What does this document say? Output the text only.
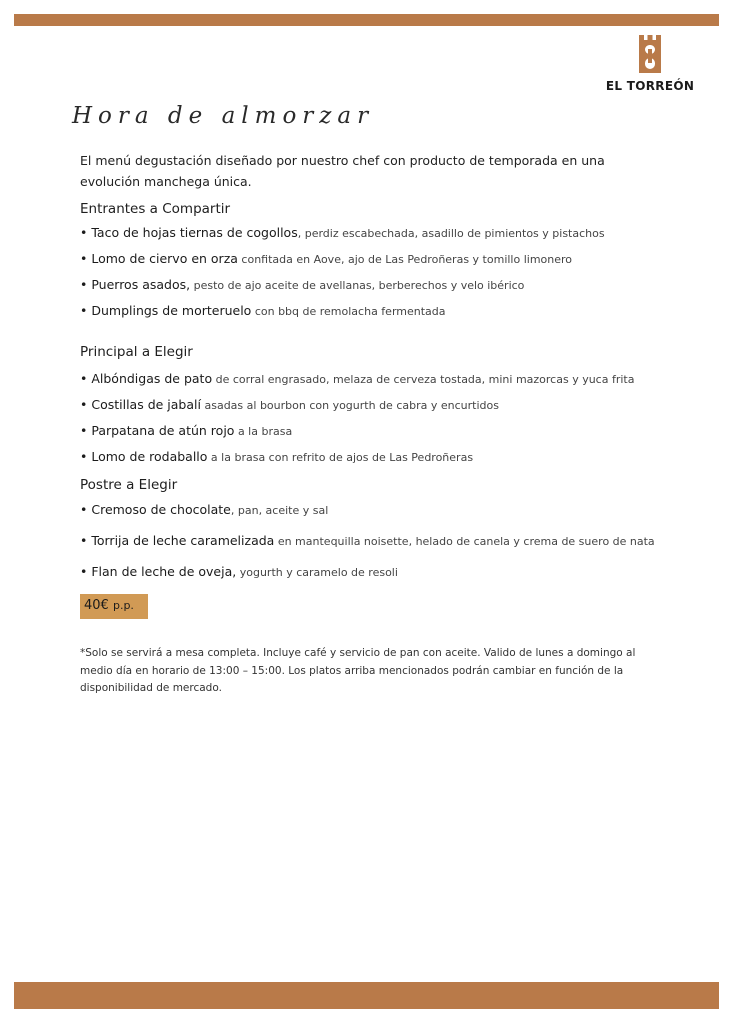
EL TORREÓN
Hora de almorzar

El menú degustación diseñado por nuestro chef con producto de temporada en una evolución manchega única.

Entrantes a Compartir

• Taco de hojas tiernas de cogollos, perdiz escabechada, asadillo de pimientos y pistachos

• Lomo de ciervo en orza confitada en Aove, ajo de Las Pedroñeras y tomillo limonero

• Puerros asados, pesto de ajo aceite de avellanas, berberechos y velo ibérico

• Dumplings de morteruelo con bbq de remolacha fermentada

Principal a Elegir

• Albóndigas de pato de corral engrasado, melaza de cerveza tostada, mini mazorcas y yuca frita

• Costillas de jabalí asadas al bourbon con yogurth de cabra y encurtidos

• Parpatana de atún rojo a la brasa

• Lomo de rodaballo a la brasa con refrito de ajos de Las Pedroñeras

Postre a Elegir

• Cremoso de chocolate, pan, aceite y sal

• Torrija de leche caramelizada en mantequilla noisette, helado de canela y crema de suero de nata

• Flan de leche de oveja, yogurth y caramelo de resoli

40€ p.p.

*Solo se servirá a mesa completa. Incluye café y servicio de pan con aceite. Valido de lunes a domingo al medio día en horario de 13:00 – 15:00. Los platos arriba mencionados podrán cambiar en función de la disponibilidad de mercado.
